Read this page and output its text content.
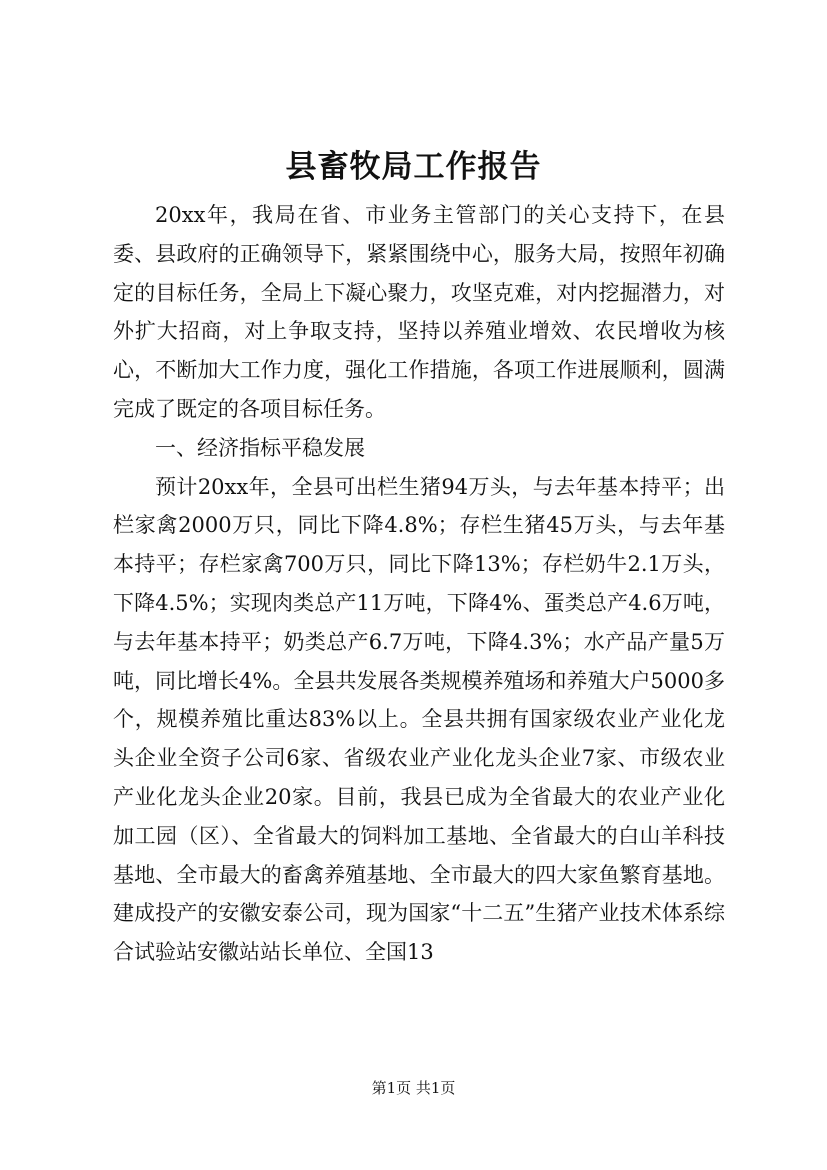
县畜牧局工作报告

20xx年，我局在省、市业务主管部门的关心支持下，在县委、县政府的正确领导下，紧紧围绕中心，服务大局，按照年初确定的目标任务，全局上下凝心聚力，攻坚克难，对内挖掘潜力，对外扩大招商，对上争取支持，坚持以养殖业增效、农民增收为核心，不断加大工作力度，强化工作措施，各项工作进展顺利，圆满完成了既定的各项目标任务。

一、经济指标平稳发展

预计20xx年，全县可出栏生猪94万头，与去年基本持平；出栏家禽2000万只，同比下降4.8%；存栏生猪45万头，与去年基本持平；存栏家禽700万只，同比下降13%；存栏奶牛2.1万头，下降4.5%；实现肉类总产11万吨，下降4%、蛋类总产4.6万吨，与去年基本持平；奶类总产6.7万吨，下降4.3%；水产品产量5万吨，同比增长4%。全县共发展各类规模养殖场和养殖大户5000多个，规模养殖比重达83%以上。全县共拥有国家级农业产业化龙头企业全资子公司6家、省级农业产业化龙头企业7家、市级农业产业化龙头企业20家。目前，我县已成为全省最大的农业产业化加工园（区）、全省最大的饲料加工基地、全省最大的白山羊科技基地、全市最大的畜禽养殖基地、全市最大的四大家鱼繁育基地。建成投产的安徽安泰公司，现为国家“十二五”生猪产业技术体系综合试验站安徽站站长单位、全国13

第1页 共1页
